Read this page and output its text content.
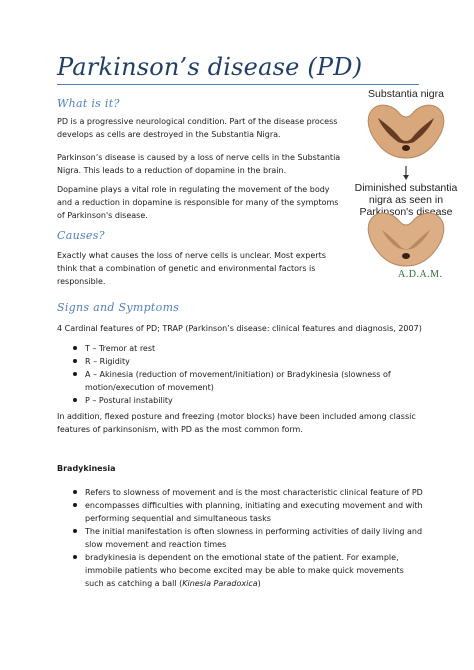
Parkinson’s disease (PD)
What is it?
PD is a progressive neurological condition. Part of the disease process develops as cells are destroyed in the Substantia Nigra.
Parkinson’s disease is caused by a loss of nerve cells in the Substantia Nigra. This leads to a reduction of dopamine in the brain.
Dopamine plays a vital role in regulating the movement of the body and a reduction in dopamine is responsible for many of the symptoms of Parkinson's disease.
Causes?
Exactly what causes the loss of nerve cells is unclear. Most experts think that a combination of genetic and environmental factors is responsible.
Signs and Symptoms
4 Cardinal features of PD; TRAP (Parkinson’s disease: clinical features and diagnosis, 2007)
T – Tremor at rest
R – Rigidity
A – Akinesia (reduction of movement/initiation) or Bradykinesia (slowness of motion/execution of movement)
P – Postural instability
In addition, flexed posture and freezing (motor blocks) have been included among classic features of parkinsonism, with PD as the most common form.
Bradykinesia
Refers to slowness of movement and is the most characteristic clinical feature of PD
encompasses difficulties with planning, initiating and executing movement and with performing sequential and simultaneous tasks
The initial manifestation is often slowness in performing activities of daily living and slow movement and reaction times
bradykinesia is dependent on the emotional state of the patient. For example, immobile patients who become excited may be able to make quick movements such as catching a ball (Kinesia Paradoxica)
Substantia nigra
Diminished substantia nigra as seen in Parkinson's disease
A.D.A.M.
